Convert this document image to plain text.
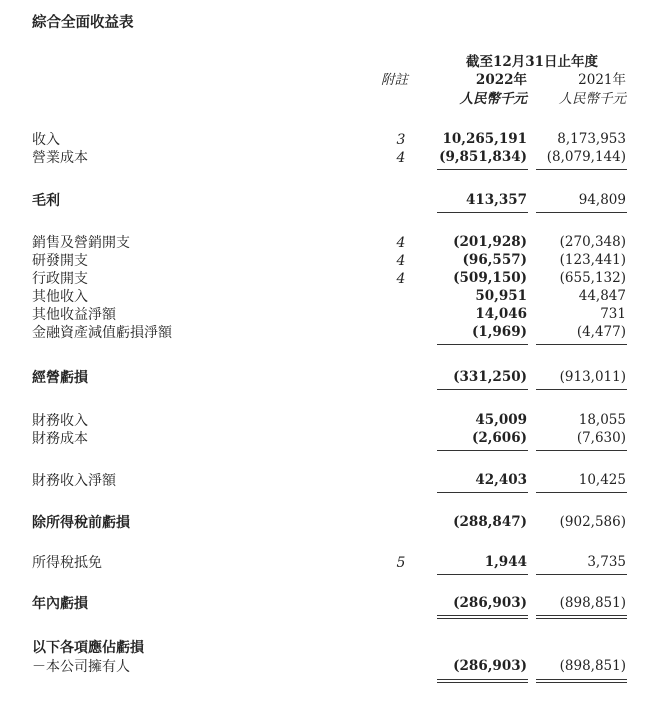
綜合全面收益表
截至12月31日止年度
附註	2022年	2021年
人民幣千元 人民幣千元
收入	3	10,265,191 8,173,953
營業成本	4 (9,851,834) (8,079,144)
毛利	413,357	94,809
銷售及營銷開支	4	(201,928) (270,348)
研發開支	4	(96,557) (123,441)
行政開支	4	(509,150) (655,132)
其他收入	50,951	44,847
其他收益淨額	14,046	731
金融資產減值虧損淨額	(1,969)	(4,477)
經營虧損	(331,250) (913,011)
財務收入	45,009	18,055
財務成本	(2,606)	(7,630)
財務收入淨額	42,403	10,425
除所得稅前虧損	(288,847) (902,586)
所得稅抵免	5	1,944	3,735
年內虧損	(286,903) (898,851)
以下各項應佔虧損
－本公司擁有人	(286,903) (898,851)
